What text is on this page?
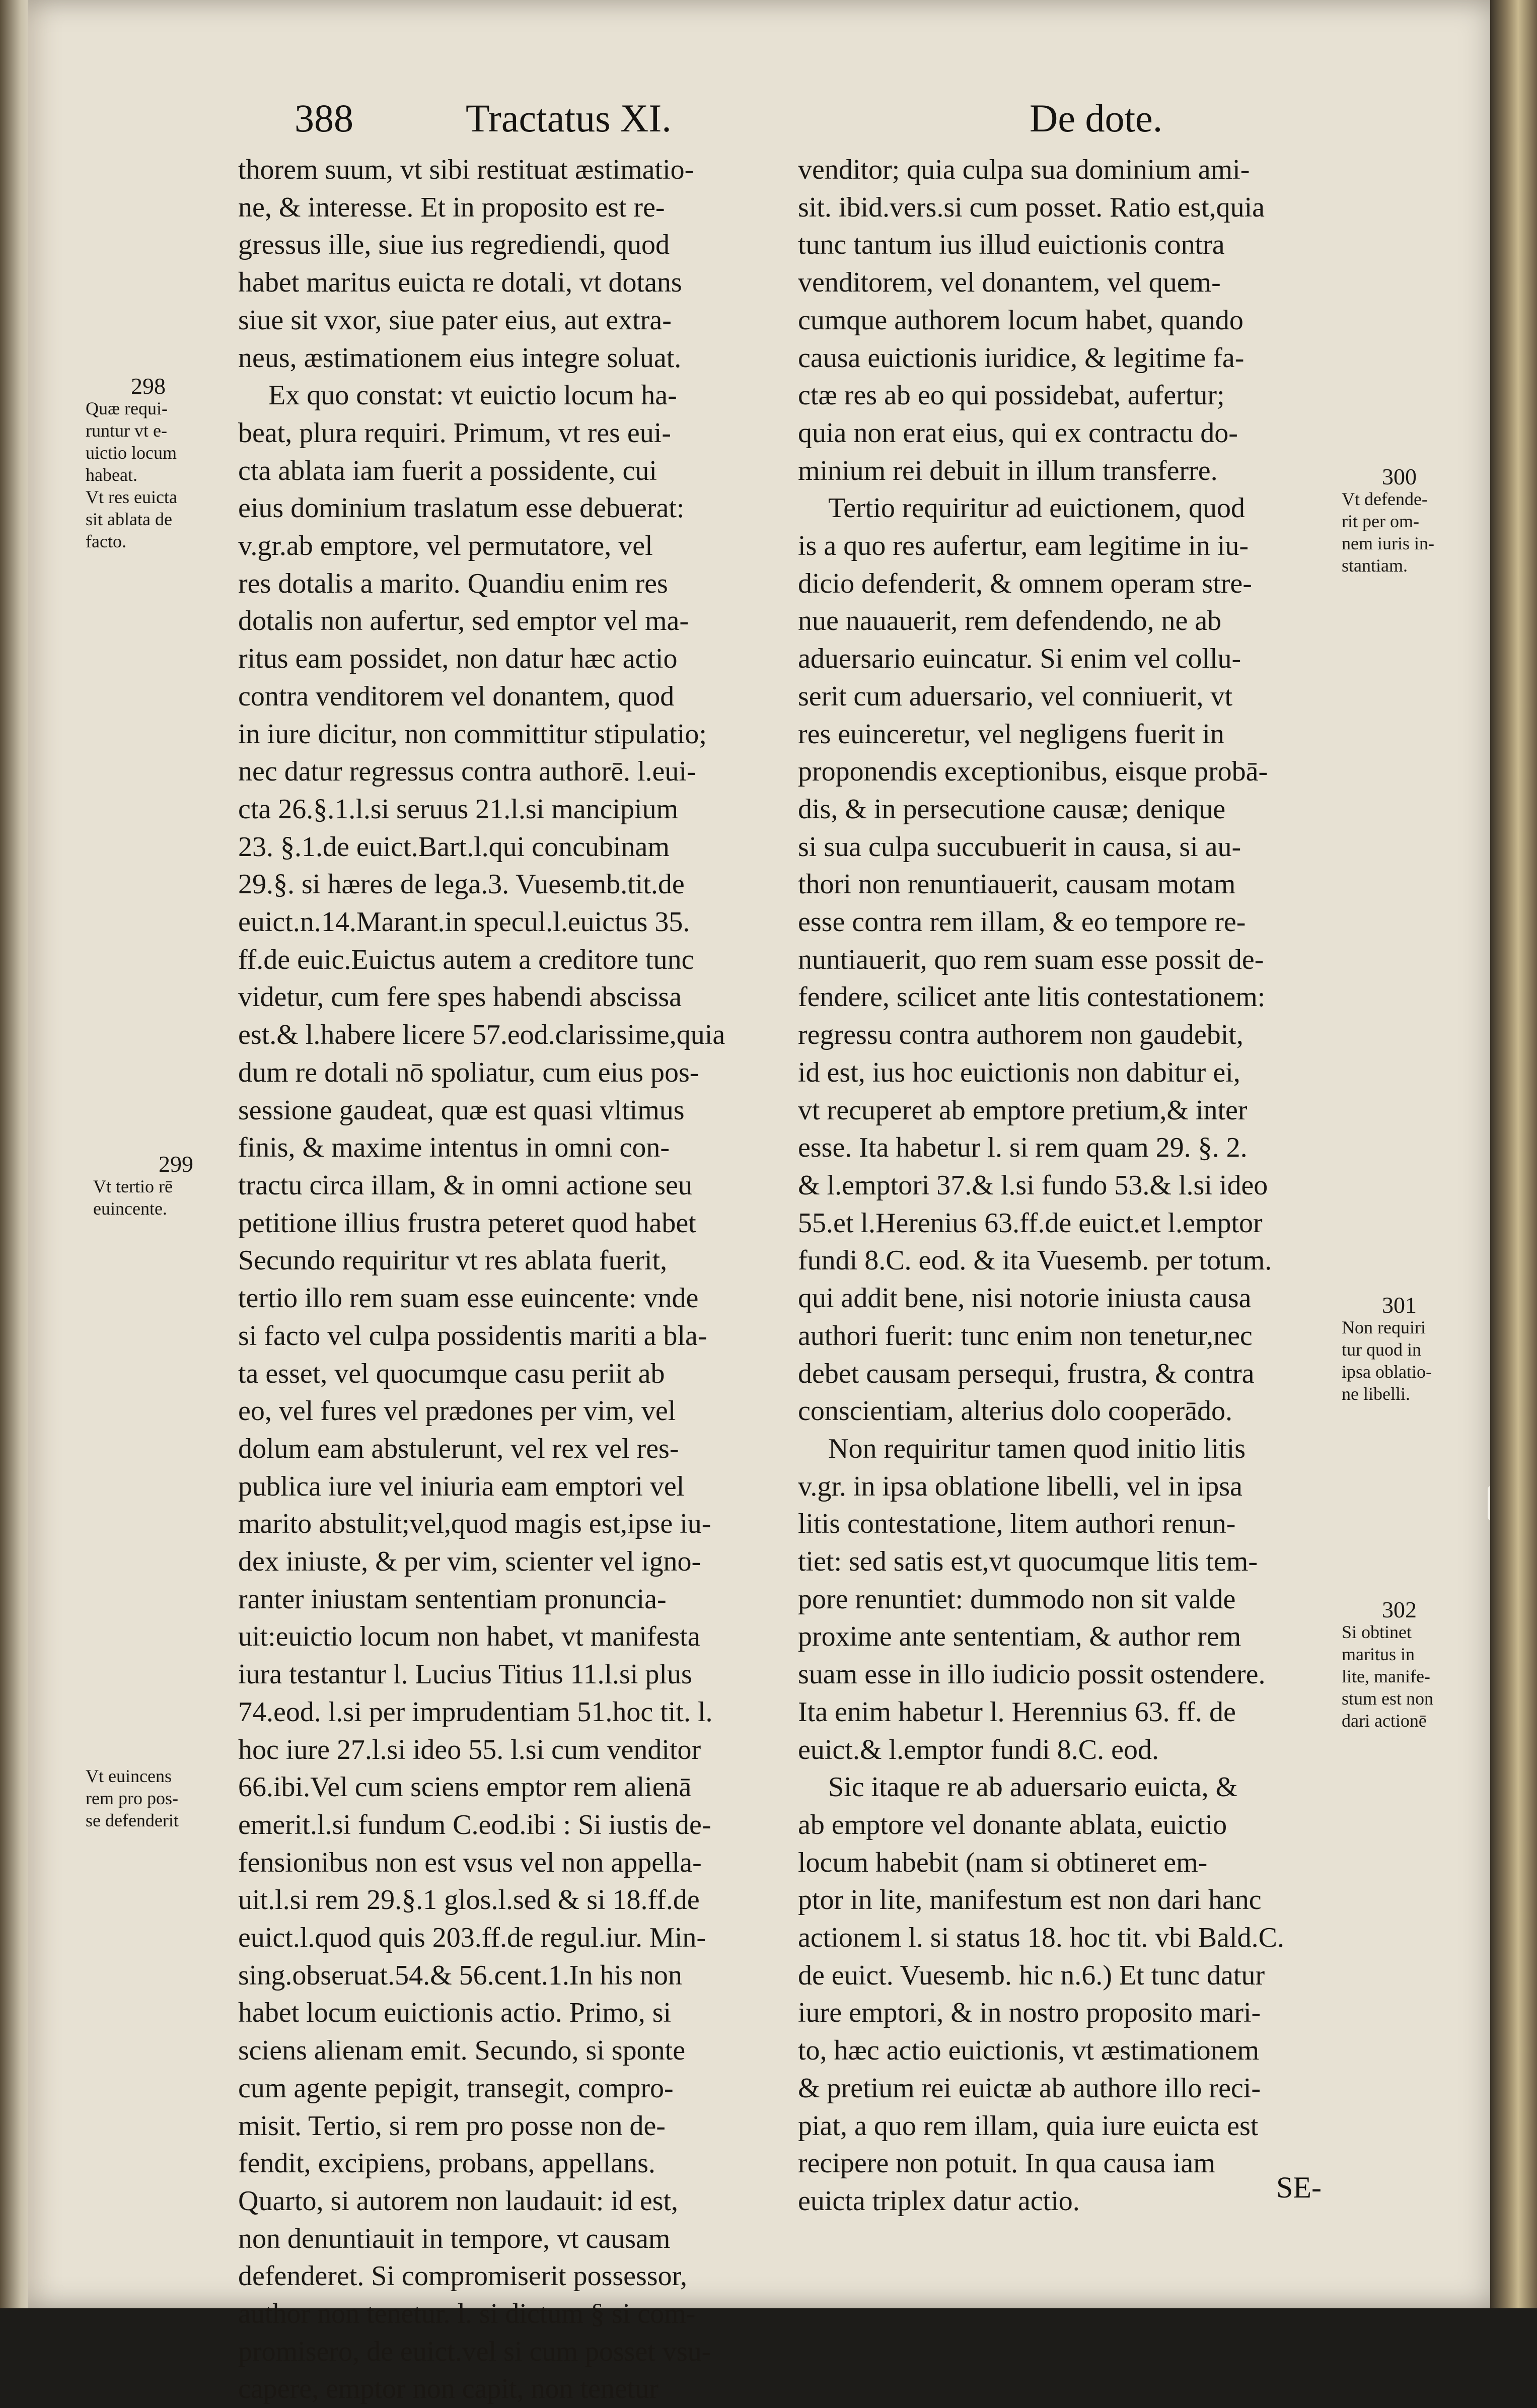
388	Tractatus XI.	De dote.
thorem suum, vt sibi restituat æstimatio-
ne, & interesse. Et in proposito est re-
gressus ille, siue ius regrediendi, quod
habet maritus euicta re dotali, vt dotans
siue sit vxor, siue pater eius, aut extra-
neus, æstimationem eius integre soluat.
Ex quo constat: vt euictio locum ha-
beat, plura requiri. Primum, vt res eui-
cta ablata iam fuerit a possidente, cui
eius dominium traslatum esse debuerat:
v.gr.ab emptore, vel permutatore, vel
res dotalis a marito. Quandiu enim res
dotalis non aufertur, sed emptor vel ma-
ritus eam possidet, non datur hæc actio
contra venditorem vel donantem, quod
in iure dicitur, non committitur stipulatio;
nec datur regressus contra authorē. l.eui-
cta 26.§.1.l.si seruus 21.l.si mancipium
23. §.1.de euict.Bart.l.qui concubinam
29.§. si hæres de lega.3. Vuesemb.tit.de
euict.n.14.Marant.in specul.l.euictus 35.
ff.de euic.Euictus autem a creditore tunc
videtur, cum fere spes habendi abscissa
est.& l.habere licere 57.eod.clarissime,quia
dum re dotali nō spoliatur, cum eius pos-
sessione gaudeat, quæ est quasi vltimus
finis, & maxime intentus in omni con-
tractu circa illam, & in omni actione seu
petitione illius frustra peteret quod habet
Secundo requiritur vt res ablata fuerit,
tertio illo rem suam esse euincente: vnde
si facto vel culpa possidentis mariti a bla-
ta esset, vel quocumque casu periit ab
eo, vel fures vel prædones per vim, vel
dolum eam abstulerunt, vel rex vel res-
publica iure vel iniuria eam emptori vel
marito abstulit;vel,quod magis est,ipse iu-
dex iniuste, & per vim, scienter vel igno-
ranter iniustam sententiam pronuncia-
uit:euictio locum non habet, vt manifesta
iura testantur l. Lucius Titius 11.l.si plus
74.eod. l.si per imprudentiam 51.hoc tit. l.
hoc iure 27.l.si ideo 55. l.si cum venditor
66.ibi.Vel cum sciens emptor rem alienā
emerit.l.si fundum C.eod.ibi : Si iustis de-
fensionibus non est vsus vel non appella-
uit.l.si rem 29.§.1 glos.l.sed & si 18.ff.de
euict.l.quod quis 203.ff.de regul.iur. Min-
sing.obseruat.54.& 56.cent.1.In his non
habet locum euictionis actio. Primo, si
sciens alienam emit. Secundo, si sponte
cum agente pepigit, transegit, compro-
misit. Tertio, si rem pro posse non de-
fendit, excipiens, probans, appellans.
Quarto, si autorem non laudauit: id est,
non denuntiauit in tempore, vt causam
defenderet. Si compromiserit possessor,
author non tenetur. l. si dictum § si com-
promisero, de euict.vel si cum posset vsu-
capere, emptor non capit, non tenetur
venditor; quia culpa sua dominium ami-
sit. ibid.vers.si cum posset. Ratio est,quia
tunc tantum ius illud euictionis contra
venditorem, vel donantem, vel quem-
cumque authorem locum habet, quando
causa euictionis iuridice, & legitime fa-
ctæ res ab eo qui possidebat, aufertur;
quia non erat eius, qui ex contractu do-
minium rei debuit in illum transferre.
Tertio requiritur ad euictionem, quod
is a quo res aufertur, eam legitime in iu-
dicio defenderit, & omnem operam stre-
nue nauauerit, rem defendendo, ne ab
aduersario euincatur. Si enim vel collu-
serit cum aduersario, vel conniuerit, vt
res euinceretur, vel negligens fuerit in
proponendis exceptionibus, eisque probā-
dis, & in persecutione causæ; denique
si sua culpa succubuerit in causa, si au-
thori non renuntiauerit, causam motam
esse contra rem illam, & eo tempore re-
nuntiauerit, quo rem suam esse possit de-
fendere, scilicet ante litis contestationem:
regressu contra authorem non gaudebit,
id est, ius hoc euictionis non dabitur ei,
vt recuperet ab emptore pretium,& inter
esse. Ita habetur l. si rem quam 29. §. 2.
& l.emptori 37.& l.si fundo 53.& l.si ideo
55.et l.Herenius 63.ff.de euict.et l.emptor
fundi 8.C. eod. & ita Vuesemb. per totum.
qui addit bene, nisi notorie iniusta causa
authori fuerit: tunc enim non tenetur,nec
debet causam persequi, frustra, & contra
conscientiam, alterius dolo cooperādo.
Non requiritur tamen quod initio litis
v.gr. in ipsa oblatione libelli, vel in ipsa
litis contestatione, litem authori renun-
tiet: sed satis est,vt quocumque litis tem-
pore renuntiet: dummodo non sit valde
proxime ante sententiam, & author rem
suam esse in illo iudicio possit ostendere.
Ita enim habetur l. Herennius 63. ff. de
euict.& l.emptor fundi 8.C. eod.
Sic itaque re ab aduersario euicta, &
ab emptore vel donante ablata, euictio
locum habebit (nam si obtineret em-
ptor in lite, manifestum est non dari hanc
actionem l. si status 18. hoc tit. vbi Bald.C.
de euict. Vuesemb. hic n.6.) Et tunc datur
iure emptori, & in nostro proposito mari-
to, hæc actio euictionis, vt æstimationem
& pretium rei euictæ ab authore illo reci-
piat, a quo rem illam, quia iure euicta est
recipere non potuit. In qua causa iam
euicta triplex datur actio.
298
Quæ requi-
runtur vt e-
uictio locum
habeat.
Vt res euicta
sit ablata de
facto.
299
Vt tertio rē
euincente.
Vt euincens
rem pro pos-
se defenderit
300
Vt defende-
rit per om-
nem iuris in-
stantiam.
301
Non requiri
tur quod in
ipsa oblatio-
ne libelli.
302
Si obtinet
maritus in
lite, manife-
stum est non
dari actionē
SE-
